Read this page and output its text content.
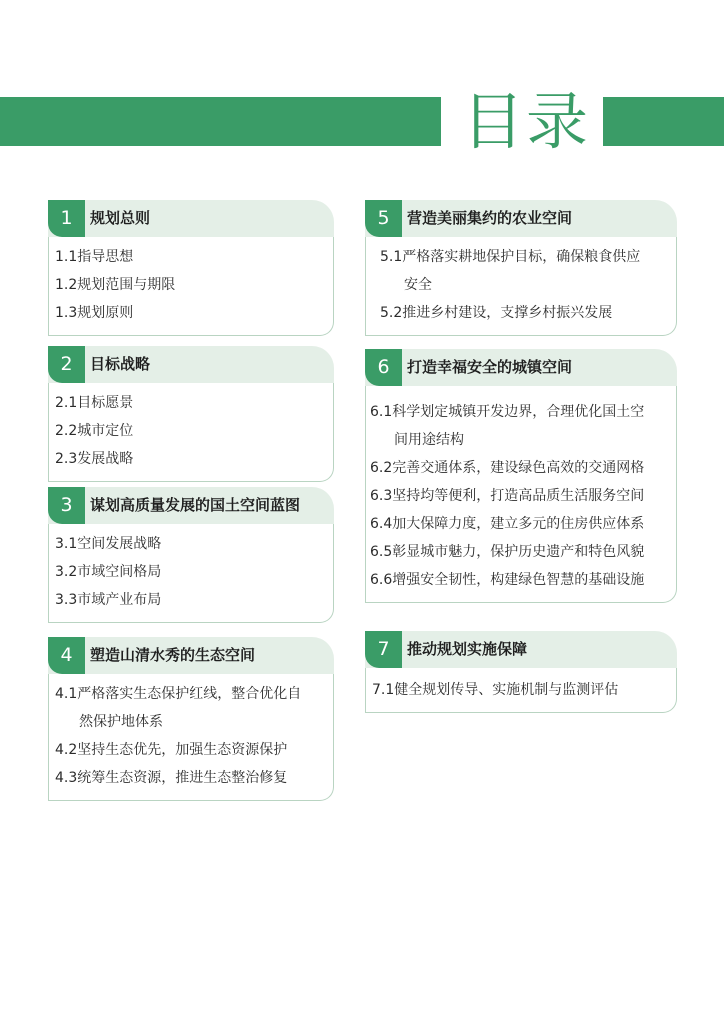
目录
1	规划总则
1.1指导思想
1.2规划范围与期限
1.3规划原则
2	目标战略
2.1目标愿景
2.2城市定位
2.3发展战略
3	谋划高质量发展的国土空间蓝图
3.1空间发展战略
3.2市域空间格局
3.3市域产业布局
4	塑造山清水秀的生态空间
4.1严格落实生态保护红线，整合优化自
然保护地体系
4.2坚持生态优先，加强生态资源保护
4.3统筹生态资源，推进生态整治修复
5	营造美丽集约的农业空间
5.1严格落实耕地保护目标，确保粮食供应
安全
5.2推进乡村建设，支撑乡村振兴发展
6	打造幸福安全的城镇空间
6.1科学划定城镇开发边界，合理优化国土空
间用途结构
6.2完善交通体系，建设绿色高效的交通网格
6.3坚持均等便利，打造高品质生活服务空间
6.4加大保障力度，建立多元的住房供应体系
6.5彰显城市魅力，保护历史遗产和特色风貌
6.6增强安全韧性，构建绿色智慧的基础设施
7	推动规划实施保障
7.1健全规划传导、实施机制与监测评估
